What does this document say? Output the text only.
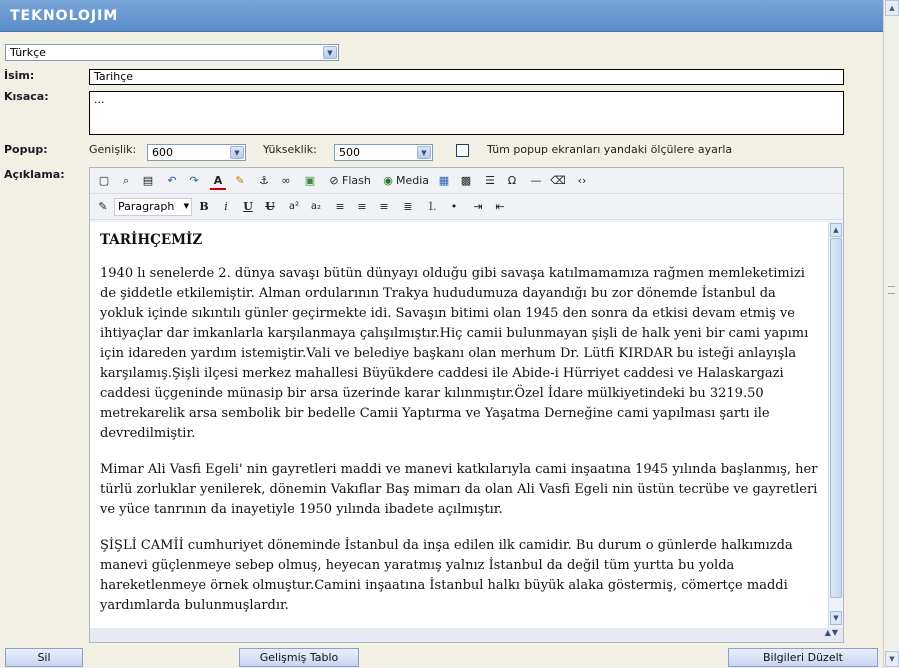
TEKNOLOJIM	▲
▼
Türkçe	▼
İsim:	Tarihçe
Kısaca:	...
Popup:	Genişlik:	600	▼	Yükseklik:	500	▼	Tüm popup ekranları yandaki ölçülere ayarla
Açıklama:	▢	⌕	▤	↶	↷	A	✎	⚓	∞	▣	⊘ Flash ◉ Media ▦ ▩ ☰	Ω	— ⌫	‹›
✎ Paragraph ▼ B	i	U U	a² a₂	≡	≡	≡	≣	⒈	•	⇥	⇤
TARİHÇEMİZ

1940 lı senelerde 2. dünya savaşı bütün dünyayı olduğu gibi savaşa katılmamamıza rağmen memleketimizi de şiddetle etkilemiştir. Alman ordularının Trakya hududumuza dayandığı bu zor dönemde İstanbul da yokluk içinde sıkıntılı günler geçirmekte idi. Savaşın bitimi olan 1945 den sonra da etkisi devam etmiş ve ihtiyaçlar dar imkanlarla karşılanmaya çalışılmıştır.Hiç camii bulunmayan şişli de halk yeni bir cami yapımı için idareden yardım istemiştir.Vali ve belediye başkanı olan merhum Dr. Lütfi KIRDAR bu isteği anlayışla karşılamış.Şişli ilçesi merkez mahallesi Büyükdere caddesi ile Abide-i Hürriyet caddesi ve Halaskargazi caddesi üçgeninde münasip bir arsa üzerinde karar kılınmıştır.Özel İdare mülkiyetindeki bu 3219.50 metrekarelik arsa sembolik bir bedelle Camii Yaptırma ve Yaşatma Derneğine cami yapılması şartı ile devredilmiştir.

Mimar Ali Vasfi Egeli' nin gayretleri maddi ve manevi katkılarıyla cami inşaatına 1945 yılında başlanmış, her türlü zorluklar yenilerek, dönemin Vakıflar Baş mimarı da olan Ali Vasfi Egeli nin üstün tecrübe ve gayretleri ve yüce tanrının da inayetiyle 1950 yılında ibadete açılmıştır.

ŞİŞLİ CAMİİ cumhuriyet döneminde İstanbul da inşa edilen ilk camidir. Bu durum o günlerde halkımızda manevi güçlenmeye sebep olmuş, heyecan yaratmış yalnız İstanbul da değil tüm yurtta bu yolda hareketlenmeye örnek olmuştur.Camini inşaatına İstanbul halkı büyük alaka göstermiş, cömertçe maddi yardımlarda bulunmuşlardır.

▲
▼
▲▼
Sil	Gelişmiş Tablo	Bilgileri Düzelt
